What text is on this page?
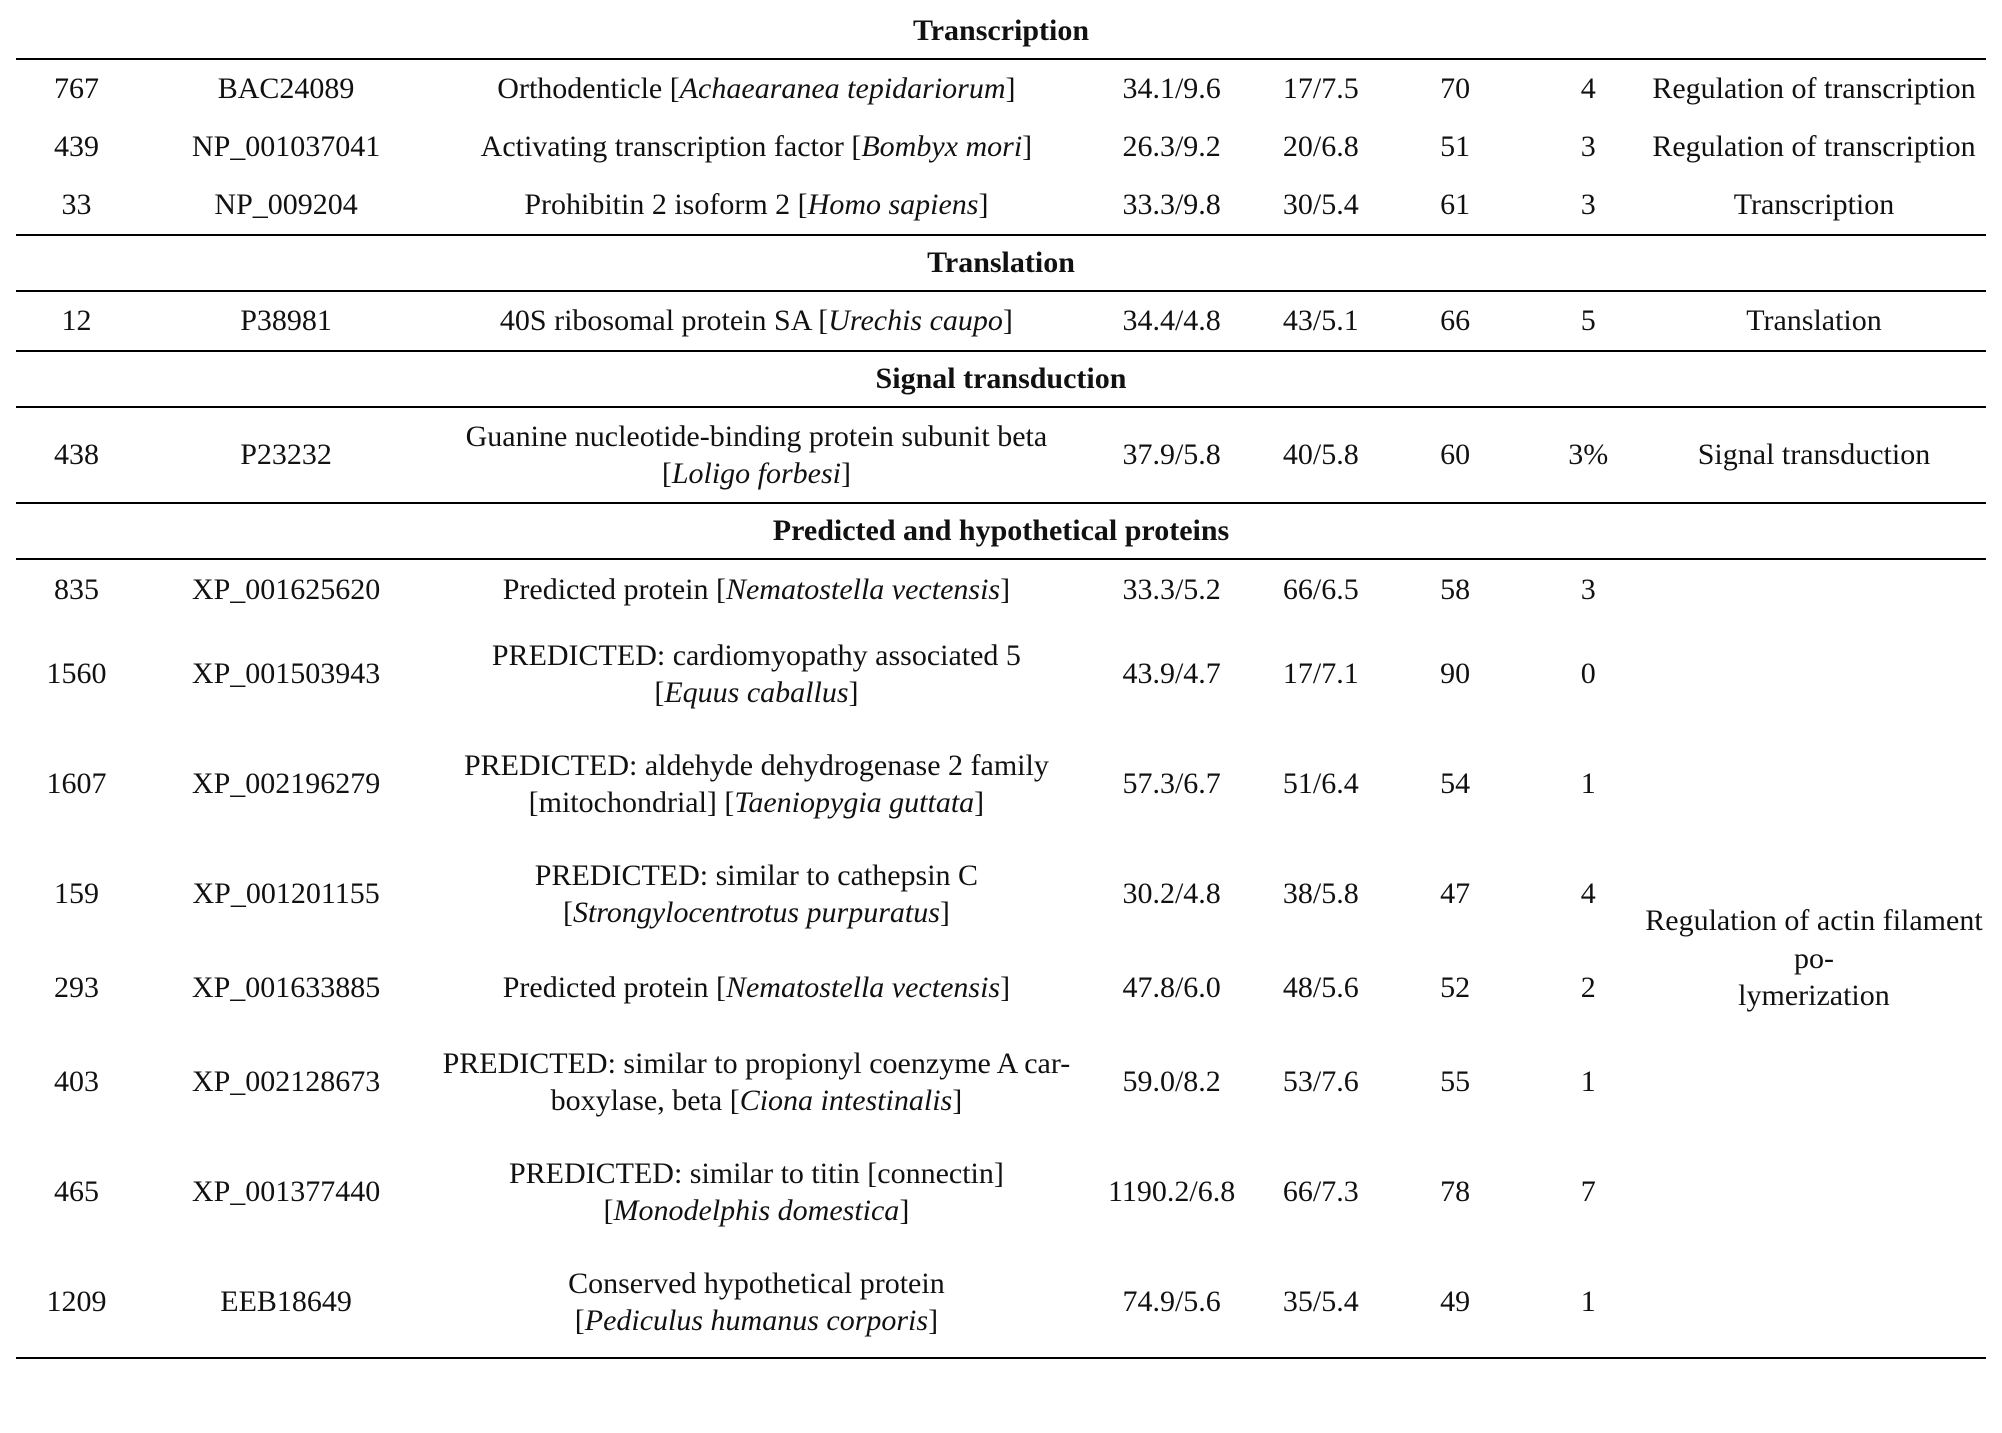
Transcription							
767	BAC24089	Orthodenticle [Achaearanea tepidariorum]	34.1/9.6	17/7.5	70	4	Regulation of transcription
439	NP_001037041	Activating transcription factor [Bombyx mori]	26.3/9.2	20/6.8	51	3	Regulation of transcription
33	NP_009204	Prohibitin 2 isoform 2 [Homo sapiens]	33.3/9.8	30/5.4	61	3	Transcription
Translation							
12	P38981	40S ribosomal protein SA [Urechis caupo]	34.4/4.8	43/5.1	66	5	Translation
Signal transduction							
438	P23232	Guanine nucleotide-binding protein subunit beta
[Loligo forbesi]	37.9/5.8	40/5.8	60	3%	Signal transduction
Predicted and hypothetical proteins							
835	XP_001625620	Predicted protein [Nematostella vectensis]	33.3/5.2	66/6.5	58	3	Regulation of actin filament po-
lymerization
1560	XP_001503943	PREDICTED: cardiomyopathy associated 5
[Equus caballus]	43.9/4.7	17/7.1	90	0	
1607	XP_002196279	PREDICTED: aldehyde dehydrogenase 2 family
[mitochondrial] [Taeniopygia guttata]	57.3/6.7	51/6.4	54	1	
159	XP_001201155	PREDICTED: similar to cathepsin C
[Strongylocentrotus purpuratus]	30.2/4.8	38/5.8	47	4	
293	XP_001633885	Predicted protein [Nematostella vectensis]	47.8/6.0	48/5.6	52	2	
403	XP_002128673	PREDICTED: similar to propionyl coenzyme A car-
boxylase, beta [Ciona intestinalis]	59.0/8.2	53/7.6	55	1	
465	XP_001377440	PREDICTED: similar to titin [connectin]
[Monodelphis domestica]	1190.2/6.8	66/7.3	78	7	
1209	EEB18649	Conserved hypothetical protein
[Pediculus humanus corporis]	74.9/5.6	35/5.4	49	1	
